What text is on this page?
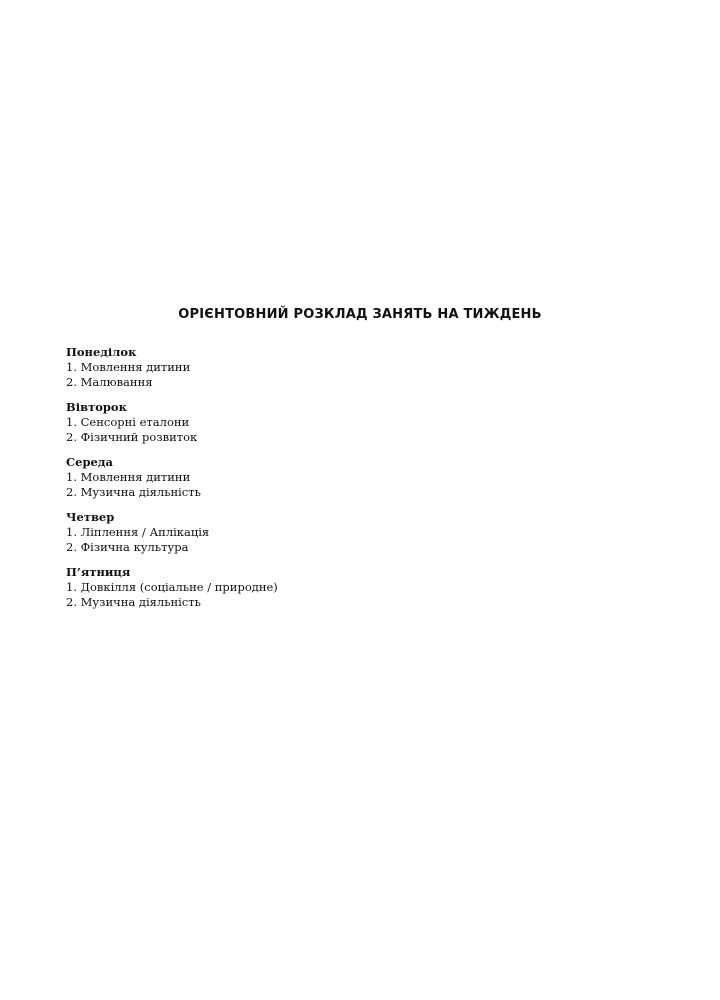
ОРІЄНТОВНИЙ РОЗКЛАД ЗАНЯТЬ НА ТИЖДЕНЬ
Понеділок
1. Мовлення дитини
2. Малювання
Вівторок
1. Сенсорні еталони
2. Фізичний розвиток
Середа
1. Мовлення дитини
2. Музична діяльність
Четвер
1. Ліплення / Аплікація
2. Фізична культура
П’ятниця
1. Довкілля (соціальне / природне)
2. Музична діяльність
